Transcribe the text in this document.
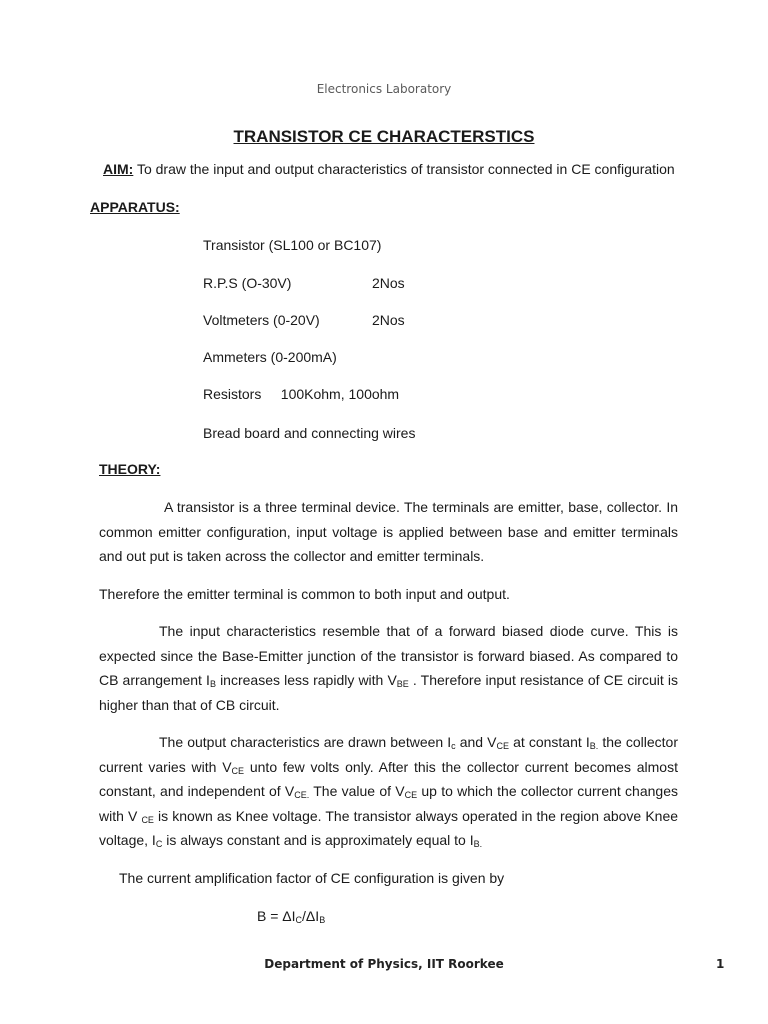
Electronics Laboratory
TRANSISTOR CE CHARACTERSTICS
AIM: To draw the input and output characteristics of transistor connected in CE configuration
APPARATUS:
Transistor (SL100 or BC107)
R.P.S (O-30V)	2Nos
Voltmeters (0-20V)	2Nos
Ammeters (0-200mA)
Resistors     100Kohm, 100ohm
Bread board and connecting wires
THEORY:
A transistor is a three terminal device. The terminals are emitter, base, collector. In
common emitter configuration, input voltage is applied between base and emitter terminals
and out put is taken across the collector and emitter terminals.
Therefore the emitter terminal is common to both input and output.
The input characteristics resemble that of a forward biased diode curve. This is
expected since the Base-Emitter junction of the transistor is forward biased. As compared to
CB arrangement $I_B$ increases less rapidly with $V_{BE}$ . Therefore input resistance of CE circuit is
higher than that of CB circuit.
The output characteristics are drawn between $I_c$ and $V_{CE}$ at constant $I_{B.}$ the collector
current varies with $V_{CE}$ unto few volts only. After this the collector current becomes almost
constant, and independent of $V_{CE.}$ The value of $V_{CE}$ up to which the collector current changes
with V $_{CE}$ is known as Knee voltage. The transistor always operated in the region above Knee
voltage, $I_C$ is always constant and is approximately equal to $I_{B.}$
The current amplification factor of CE configuration is given by
$B = \Delta I_C/\Delta I_B$
Department of Physics, IIT Roorkee	1
